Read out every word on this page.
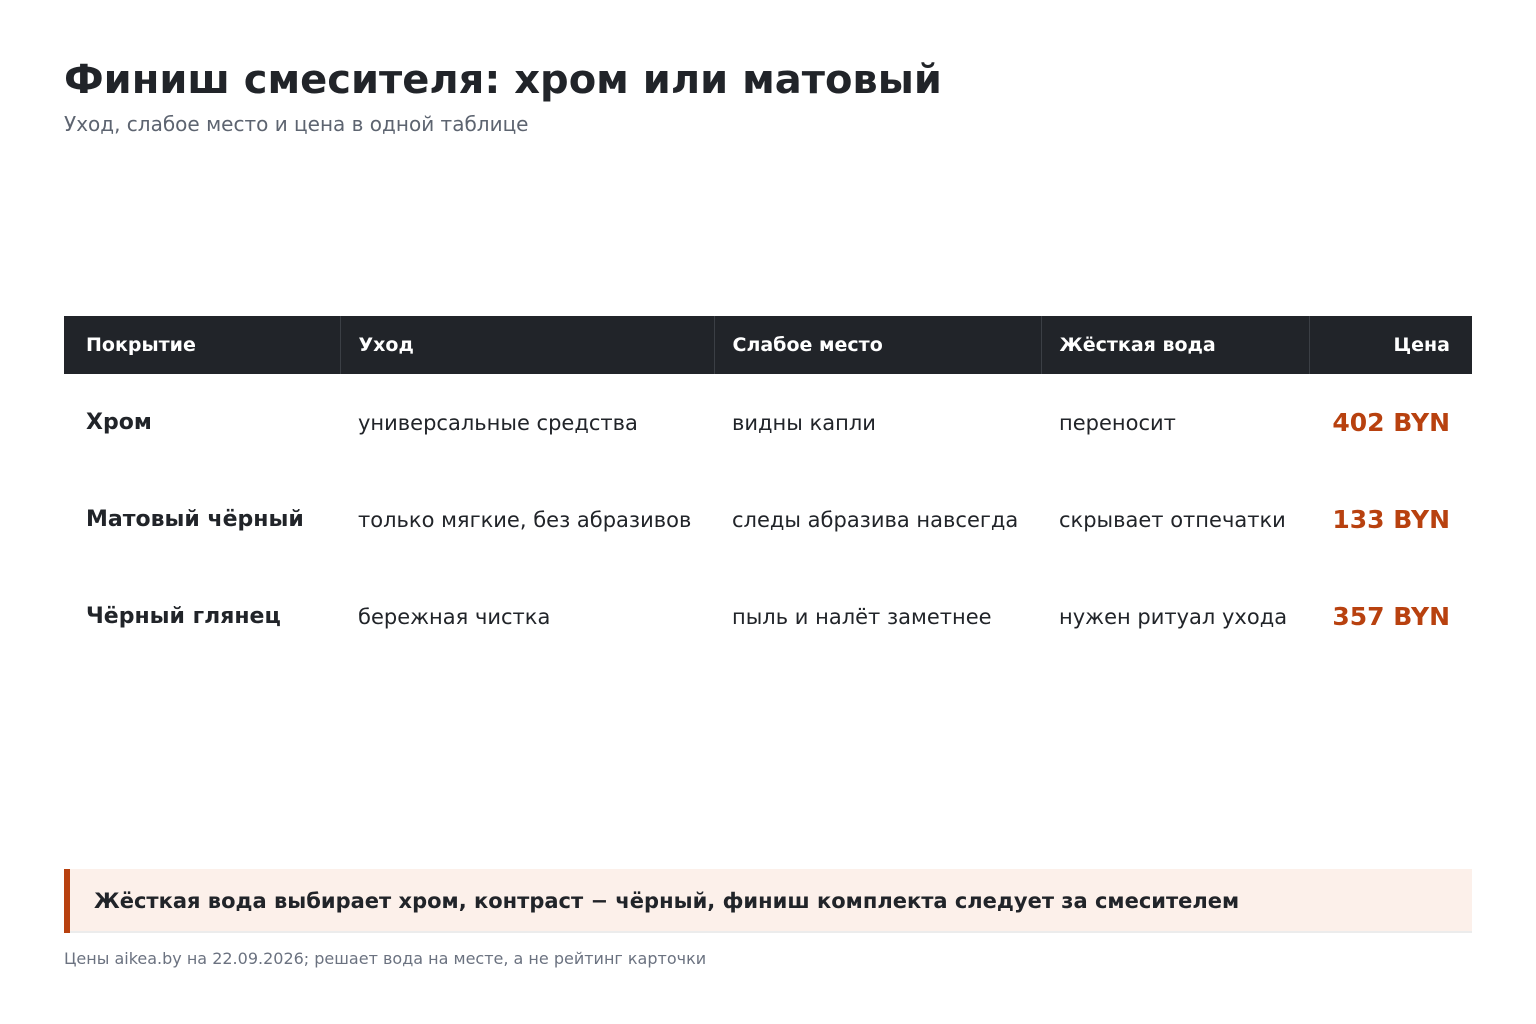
Финиш смесителя: хром или матовый

Уход, слабое место и цена в одной таблице

Покрытие	Уход	Слабое место	Жёсткая вода	Цена
Хром	универсальные средства	видны капли	переносит	402 BYN
Матовый чёрный	только мягкие, без абразивов	следы абразива навсегда	скрывает отпечатки	133 BYN
Чёрный глянец	бережная чистка	пыль и налёт заметнее	нужен ритуал ухода	357 BYN
Жёсткая вода выбирает хром, контраст − чёрный, финиш комплекта следует за смесителем
Цены aikea.by на 22.09.2026; решает вода на месте, а не рейтинг карточки
